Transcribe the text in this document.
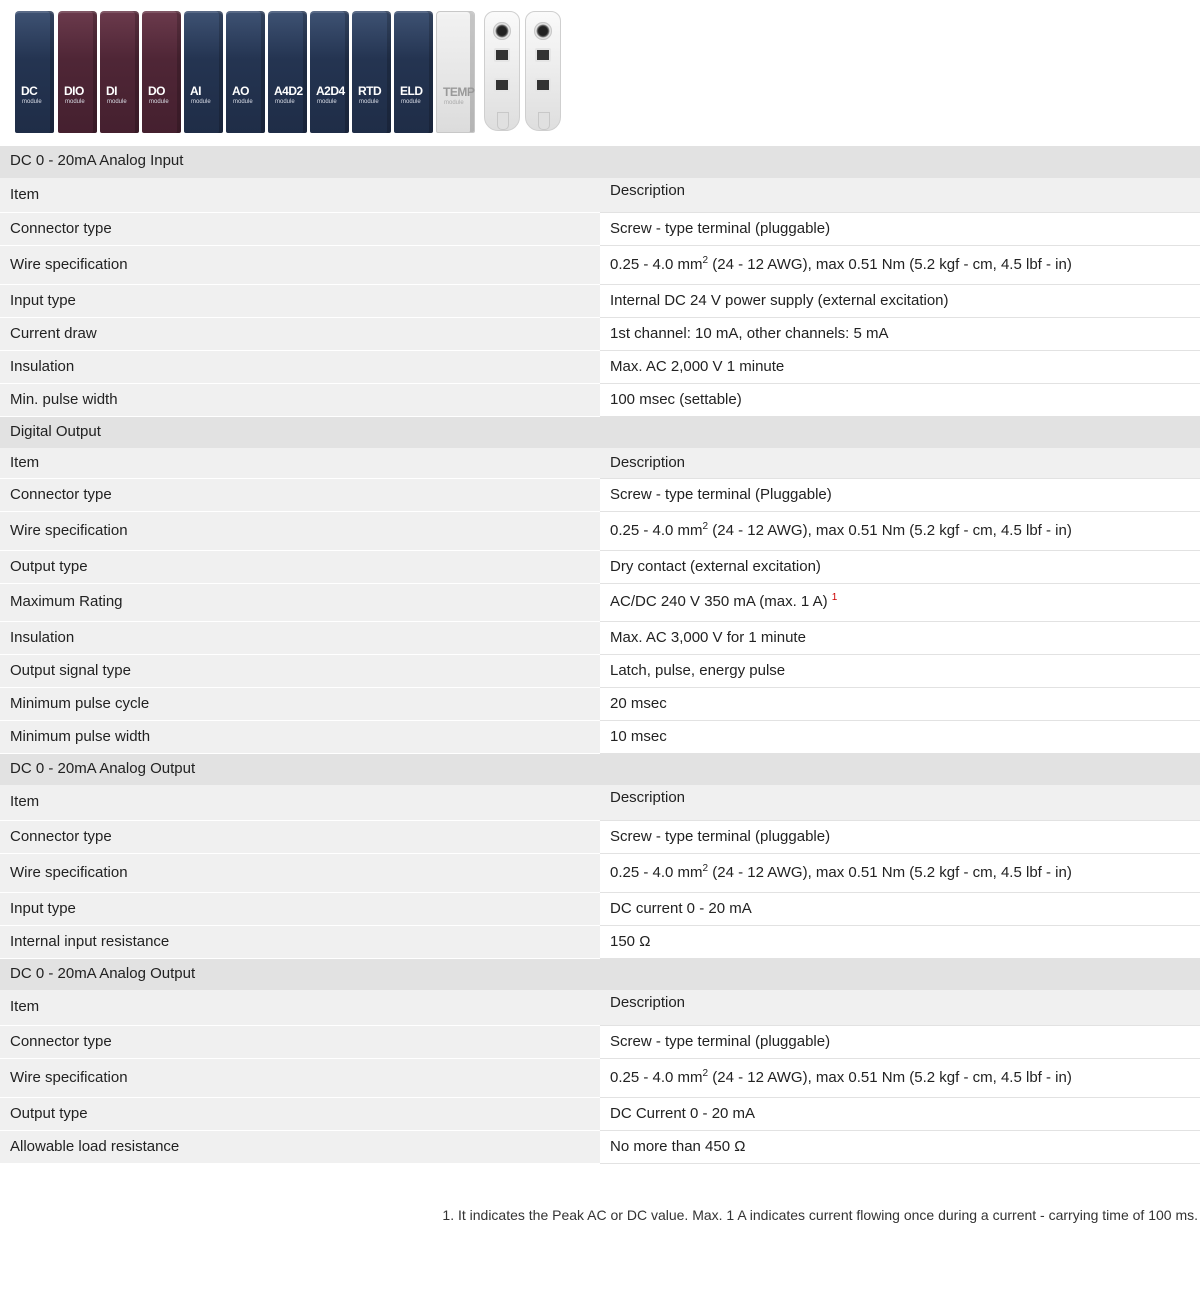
DC
module
DIO
module
DI
module
DO
module
AI
module
AO
module
A4D2
module
A2D4
module
RTD
module
ELD
module
TEMP
module
DC 0 - 20mA Analog Input	
Item	Description
Connector type	Screw - type terminal (pluggable)
Wire specification	0.25 - 4.0 $mm^2$ (24 - 12 AWG), max 0.51 Nm (5.2 kgf - cm, 4.5 lbf - in)
Input type	Internal DC 24 V power supply (external excitation)
Current draw	1st channel: 10 mA, other channels: 5 mA
Insulation	Max. AC 2,000 V 1 minute
Min. pulse width	100 msec (settable)
Digital Output	
Item	Description
Connector type	Screw - type terminal (Pluggable)
Wire specification	0.25 - 4.0 $mm^2$ (24 - 12 AWG), max 0.51 Nm (5.2 kgf - cm, 4.5 lbf - in)
Output type	Dry contact (external excitation)
Maximum Rating	AC/DC 240 V 350 mA (max. 1 A) $^1$
Insulation	Max. AC 3,000 V for 1 minute
Output signal type	Latch, pulse, energy pulse
Minimum pulse cycle	20 msec
Minimum pulse width	10 msec
DC 0 - 20mA Analog Output	
Item	Description
Connector type	Screw - type terminal (pluggable)
Wire specification	0.25 - 4.0 $mm^2$ (24 - 12 AWG), max 0.51 Nm (5.2 kgf - cm, 4.5 lbf - in)
Input type	DC current 0 - 20 mA
Internal input resistance	150 Ω
DC 0 - 20mA Analog Output	
Item	Description
Connector type	Screw - type terminal (pluggable)
Wire specification	0.25 - 4.0 $mm^2$ (24 - 12 AWG), max 0.51 Nm (5.2 kgf - cm, 4.5 lbf - in)
Output type	DC Current 0 - 20 mA
Allowable load resistance	No more than 450 Ω
1. It indicates the Peak AC or DC value. Max. 1 A indicates current flowing once during a current - carrying time of 100 ms.
